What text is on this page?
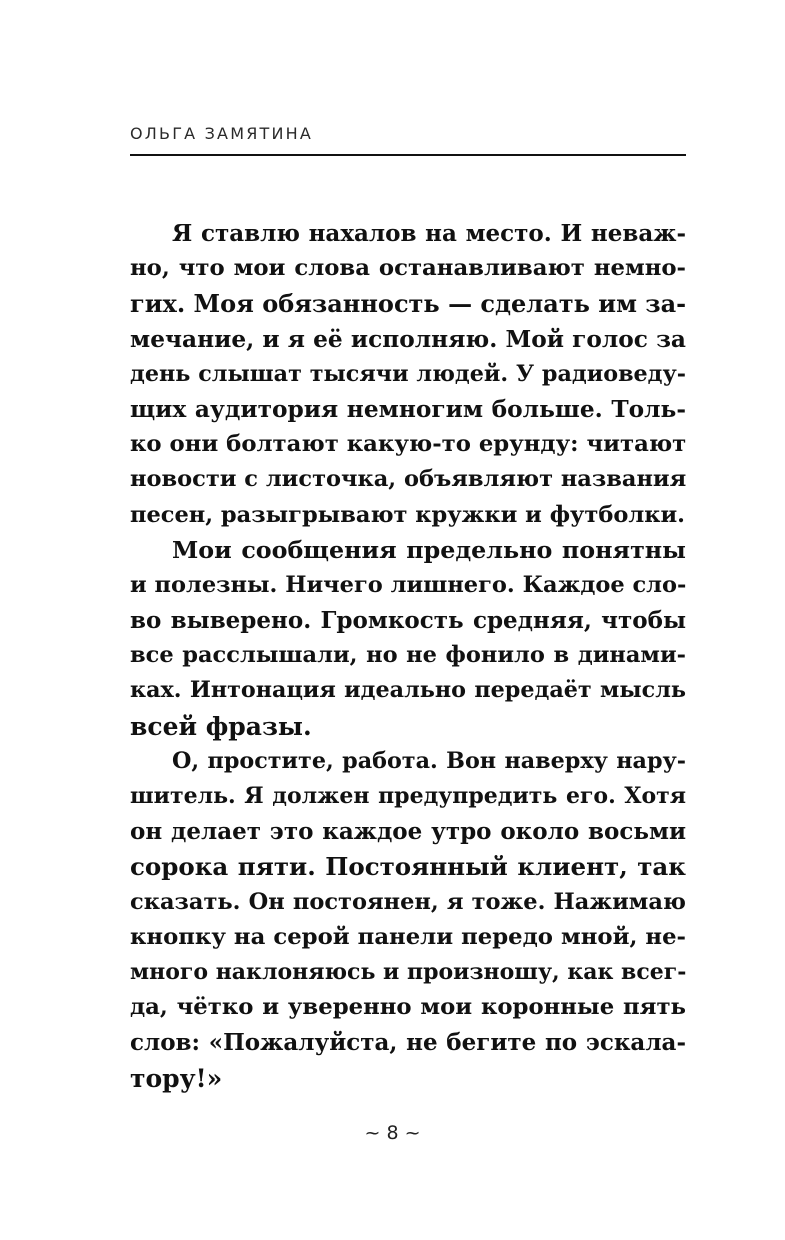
ОЛЬГА ЗАМЯТИНА
Я ставлю нахалов на место. И неваж-
но, что мои слова останавливают немно-
гих. Моя обязанность — сделать им за-
мечание, и я её исполняю. Мой голос за
день слышат тысячи людей. У радиоведу-
щих аудитория немногим больше. Толь-
ко они болтают какую-то ерунду: читают
новости с листочка, объявляют названия
песен, разыгрывают кружки и футболки.
Мои сообщения предельно понятны
и полезны. Ничего лишнего. Каждое сло-
во выверено. Громкость средняя, чтобы
все расслышали, но не фонило в динами-
ках. Интонация идеально передаёт мысль
всей фразы.
О, простите, работа. Вон наверху нару-
шитель. Я должен предупредить его. Хотя
он делает это каждое утро около восьми
сорока пяти. Постоянный клиент, так
сказать. Он постоянен, я тоже. Нажимаю
кнопку на серой панели передо мной, не-
много наклоняюсь и произношу, как всег-
да, чётко и уверенно мои коронные пять
слов: «Пожалуйста, не бегите по эскала-
тору!»
~ 8 ~
